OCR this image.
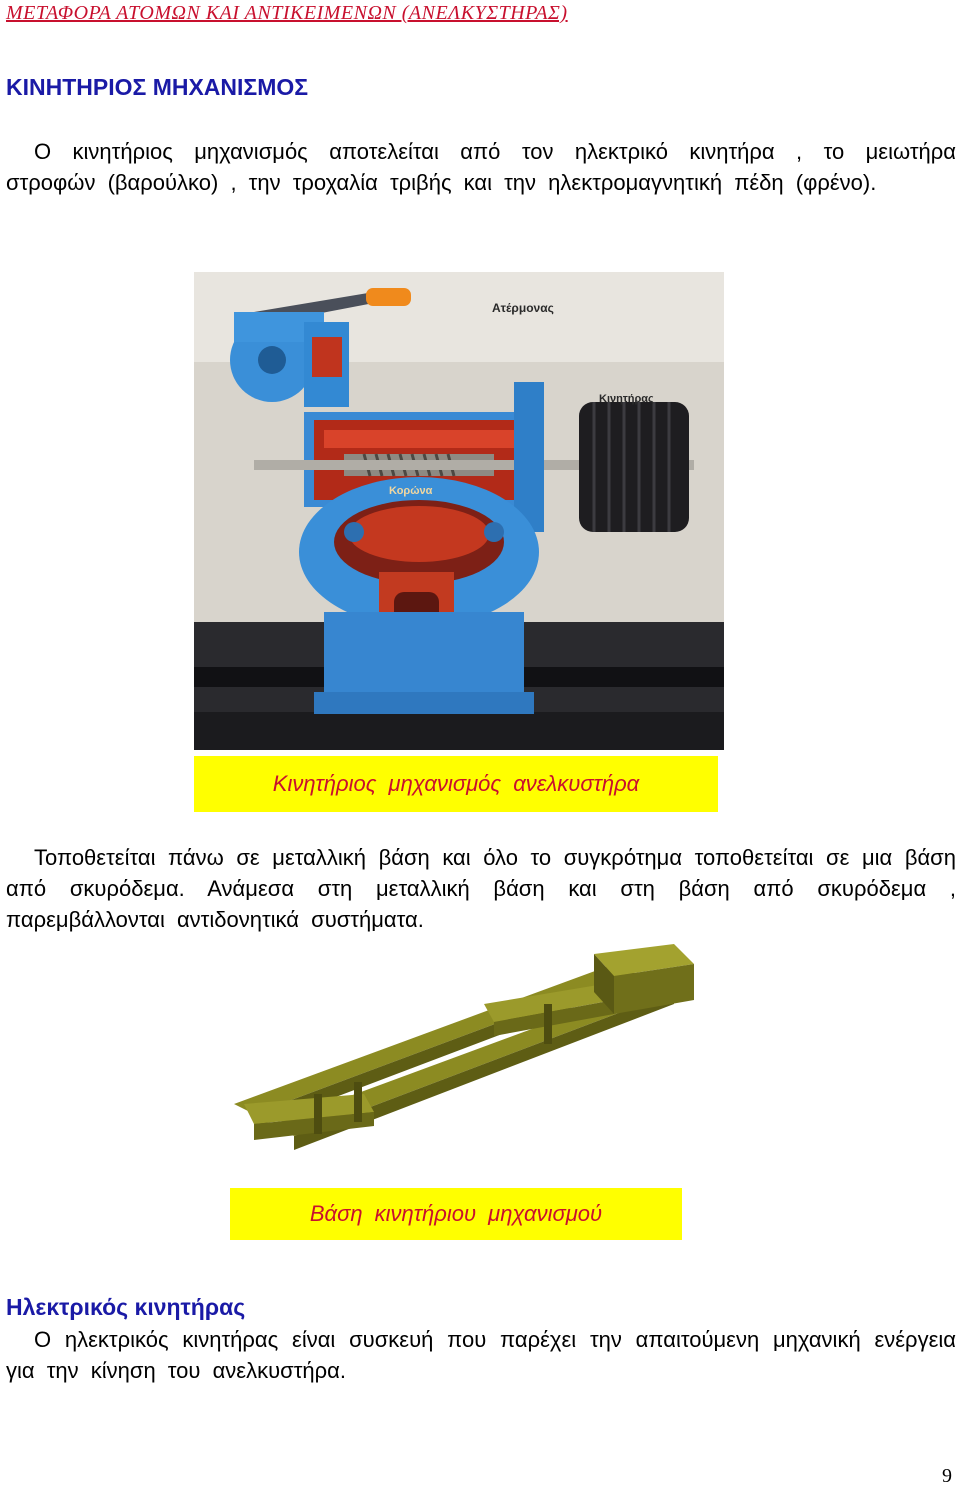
ΜΕΤΑΦΟΡΑ ΑΤΟΜΩΝ ΚΑΙ ΑΝΤΙΚΕΙΜΕΝΩΝ (ΑΝΕΛΚΥΣΤΗΡΑΣ)
ΚΙΝΗΤΗΡΙΟΣ ΜΗΧΑΝΙΣΜΟΣ

Ο κινητήριος μηχανισμός αποτελείται από τον ηλεκτρικό κινητήρα , το μειωτήρα στροφών (βαρούλκο) , την τροχαλία τριβής και την ηλεκτρομαγνητική πέδη (φρένο).

Ατέρμονας
Κινητήρας
Κορώνα
Κινητήριος μηχανισμός ανελκυστήρα

Τοποθετείται πάνω σε μεταλλική βάση και όλο το συγκρότημα τοποθετείται σε μια βάση από σκυρόδεμα. Ανάμεσα στη μεταλλική βάση και στη βάση από σκυρόδεμα , παρεμβάλλονται αντιδονητικά συστήματα.

Βάση κινητήριου μηχανισμού
Ηλεκτρικός κινητήρας

Ο ηλεκτρικός κινητήρας είναι συσκευή που παρέχει την απαιτούμενη μηχανική ενέργεια για την κίνηση του ανελκυστήρα.

9
